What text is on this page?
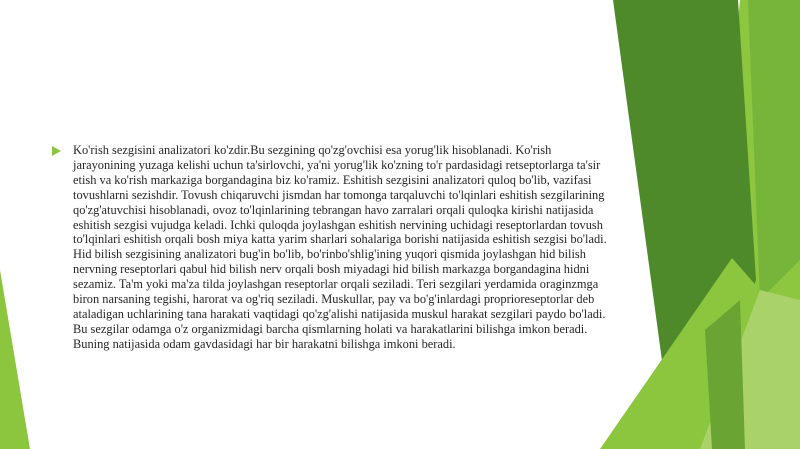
Ko'rish sezgisini analizatori ko'zdir.Bu sezgining qo'zg'ovchisi esa yorug'lik hisoblanadi. Ko'rish jarayonining yuzaga kelishi uchun ta'sirlovchi, ya'ni yorug'lik ko'zning to'r pardasidagi retseptorlarga ta'sir etish va ko'rish markaziga borgandagina biz ko'ramiz. Eshitish sezgisini analizatori quloq bo'lib, vazifasi tovushlarni sezishdir. Tovush chiqaruvchi jismdan har tomonga tarqaluvchi to'lqinlari eshitish sezgilarining qo'zg'atuvchisi hisoblanadi, ovoz to'lqinlarining tebrangan havo zarralari orqali quloqka kirishi natijasida eshitish sezgisi vujudga keladi. Ichki quloqda joylashgan eshitish nervining uchidagi reseptorlardan tovush to'lqinlari eshitish orqali bosh miya katta yarim sharlari sohalariga borishi natijasida eshitish sezgisi bo'ladi. Hid bilish sezgisining analizatori bug'in bo'lib, bo'rinbo'shlig'ining yuqori qismida joylashgan hid bilish nervning reseptorlari qabul hid bilish nerv orqali bosh miyadagi hid bilish markazga borgandagina hidni sezamiz. Ta'm yoki ma'za tilda joylashgan reseptorlar orqali seziladi. Teri sezgilari yerdamida oraginzmga biron narsaning tegishi, harorat va og'riq seziladi. Muskullar, pay va bo'g'inlardagi proprioreseptorlar deb ataladigan uchlarining tana harakati vaqtidagi qo'zg'alishi natijasida muskul harakat sezgilari paydo bo'ladi. Bu sezgilar odamga o'z organizmidagi barcha qismlarning holati va harakatlarini bilishga imkon beradi. Buning natijasida odam gavdasidagi har bir harakatni bilishga imkoni beradi.
